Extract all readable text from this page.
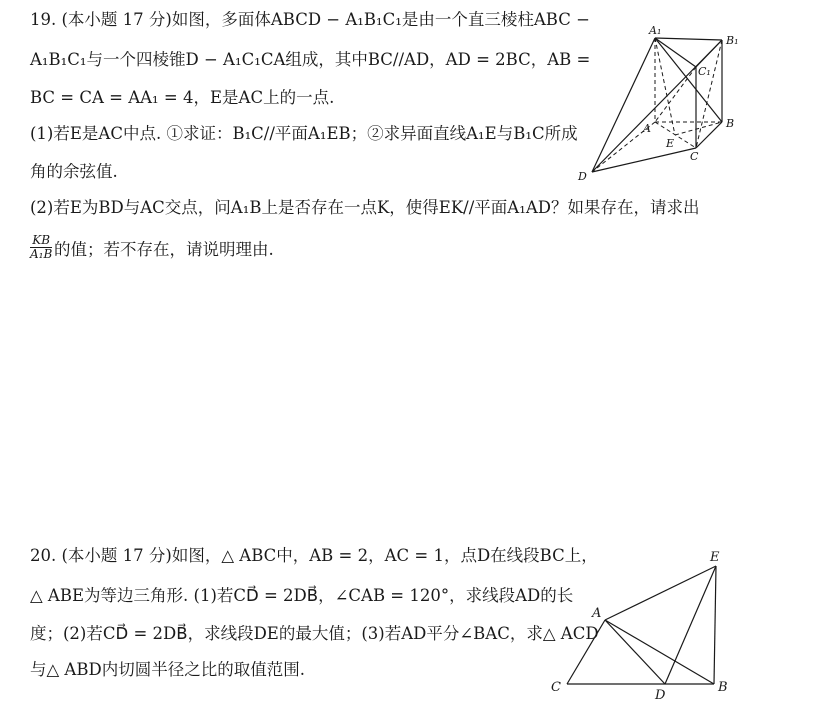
19. (本小题 17 分)如图，多面体ABCD − A₁B₁C₁是由一个直三棱柱ABC −
A₁B₁C₁与一个四棱锥D − A₁C₁CA组成，其中BC//AD，AD = 2BC，AB =
BC = CA = AA₁ = 4，E是AC上的一点.
(1)若E是AC中点. ①求证：B₁C//平面A₁EB；②求异面直线A₁E与B₁C所成
角的余弦值.
(2)若E为BD与AC交点，问A₁B上是否存在一点K，使得EK//平面A₁AD？如果存在，请求出
$\frac{KB}{\text{A₁B}}$ 的值；若不存在，请说明理由.
A₁
B₁
C₁
A	B
C
D
E
20. (本小题 17 分)如图，△ ABC中，AB = 2，AC = 1，点D在线段BC上，
△ ABE为等边三角形. (1)若CD⃗ = 2DB⃗，∠CAB = 120°，求线段AD的长
度；(2)若CD⃗ = 2DB⃗，求线段DE的最大值；(3)若AD平分∠BAC，求△ ACD
与△ ABD内切圆半径之比的取值范围.
E
A
C
D
B
